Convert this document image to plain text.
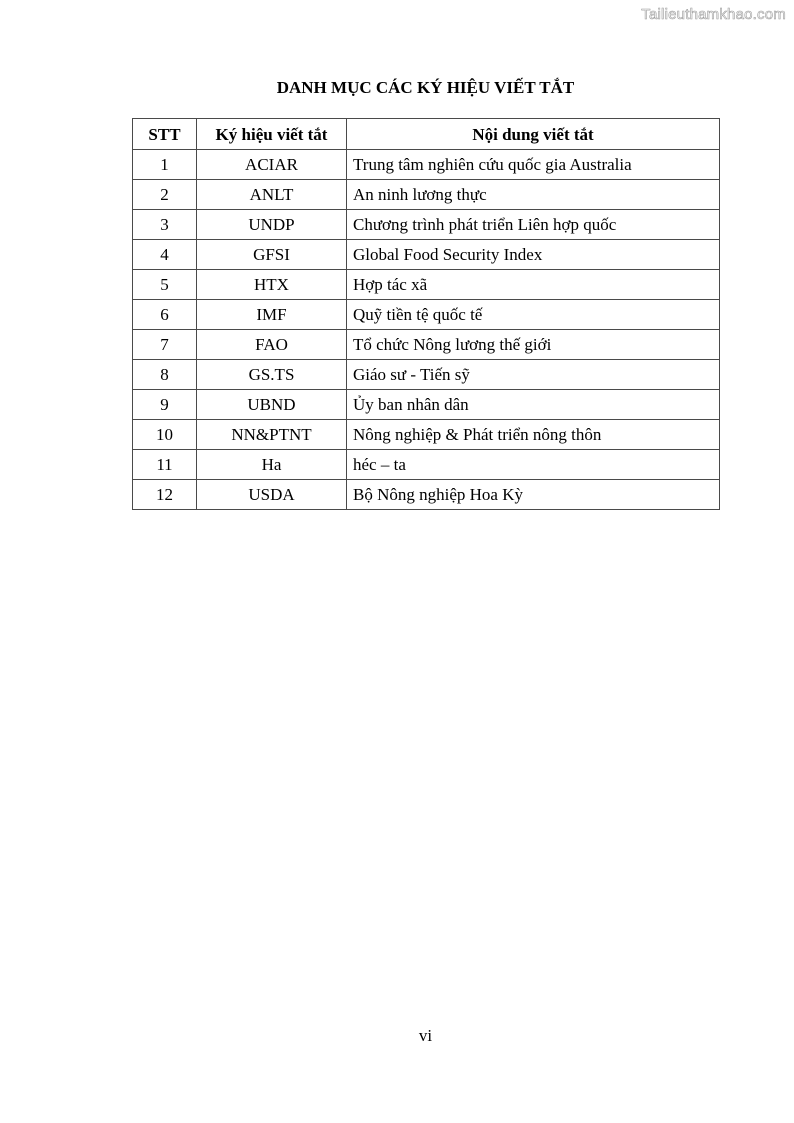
Tailieuthamkhao.com
DANH MỤC CÁC KÝ HIỆU VIẾT TẮT
STT	Ký hiệu viết tắt	Nội dung viết tắt
1	ACIAR	Trung tâm nghiên cứu quốc gia Australia
2	ANLT	An ninh lương thực
3	UNDP	Chương trình phát triển Liên hợp quốc
4	GFSI	Global Food Security Index
5	HTX	Hợp tác xã
6	IMF	Quỹ tiền tệ quốc tế
7	FAO	Tổ chức Nông lương thế giới
8	GS.TS	Giáo sư - Tiến sỹ
9	UBND	Ủy ban nhân dân
10	NN&PTNT	Nông nghiệp & Phát triển nông thôn
11	Ha	héc – ta
12	USDA	Bộ Nông nghiệp Hoa Kỳ
vi
